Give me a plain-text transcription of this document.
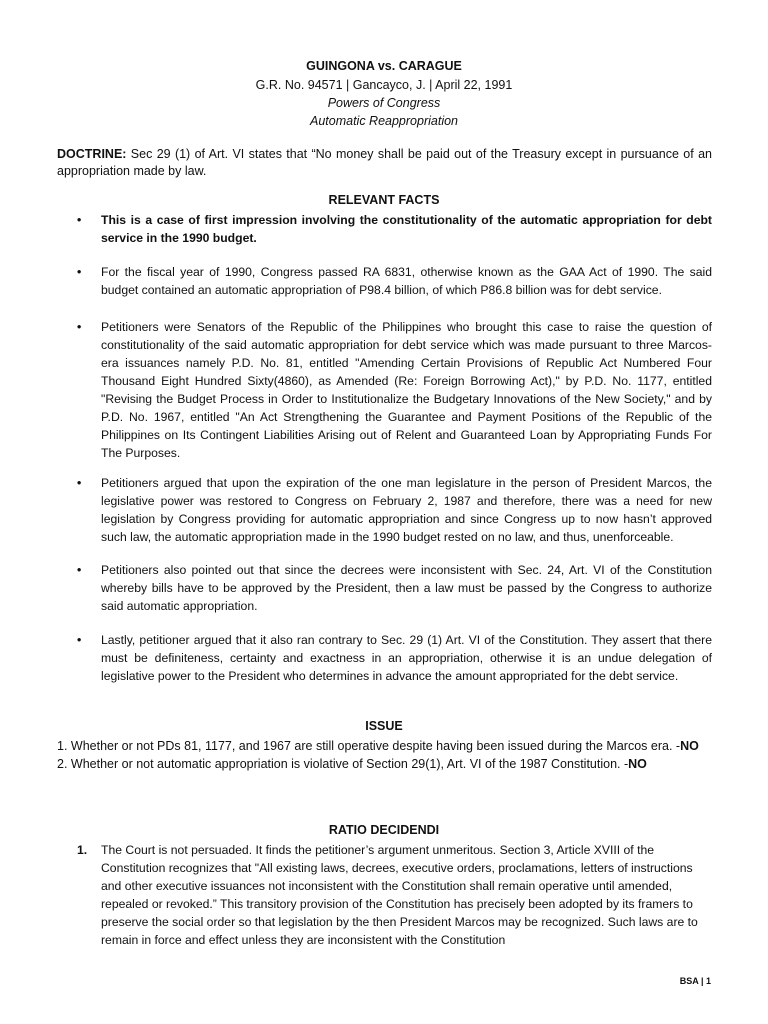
GUINGONA vs. CARAGUE
G.R. No. 94571 | Gancayco, J. | April 22, 1991
Powers of Congress
Automatic Reappropriation
DOCTRINE: Sec 29 (1) of Art. VI states that “No money shall be paid out of the Treasury except in pursuance of an appropriation made by law.
RELEVANT FACTS
• This is a case of first impression involving the constitutionality of the automatic appropriation for debt service in the 1990 budget.
• For the fiscal year of 1990, Congress passed RA 6831, otherwise known as the GAA Act of 1990. The said budget contained an automatic appropriation of P98.4 billion, of which P86.8 billion was for debt service.
• Petitioners were Senators of the Republic of the Philippines who brought this case to raise the question of constitutionality of the said automatic appropriation for debt service which was made pursuant to three Marcos-era issuances namely P.D. No. 81, entitled "Amending Certain Provisions of Republic Act Numbered Four Thousand Eight Hundred Sixty(4860), as Amended (Re: Foreign Borrowing Act)," by P.D. No. 1177, entitled "Revising the Budget Process in Order to Institutionalize the Budgetary Innovations of the New Society," and by P.D. No. 1967, entitled "An Act Strengthening the Guarantee and Payment Positions of the Republic of the Philippines on Its Contingent Liabilities Arising out of Relent and Guaranteed Loan by Appropriating Funds For The Purposes.
• Petitioners argued that upon the expiration of the one man legislature in the person of President Marcos, the legislative power was restored to Congress on February 2, 1987 and therefore, there was a need for new legislation by Congress providing for automatic appropriation and since Congress up to now hasn’t approved such law, the automatic appropriation made in the 1990 budget rested on no law, and thus, unenforceable.
• Petitioners also pointed out that since the decrees were inconsistent with Sec. 24, Art. VI of the Constitution whereby bills have to be approved by the President, then a law must be passed by the Congress to authorize said automatic appropriation.
• Lastly, petitioner argued that it also ran contrary to Sec. 29 (1) Art. VI of the Constitution. They assert that there must be definiteness, certainty and exactness in an appropriation, otherwise it is an undue delegation of legislative power to the President who determines in advance the amount appropriated for the debt service.
ISSUE
1. Whether or not PDs 81, 1177, and 1967 are still operative despite having been issued during the Marcos era. -NO
2. Whether or not automatic appropriation is violative of Section 29(1), Art. VI of the 1987 Constitution. -NO
RATIO DECIDENDI
1. The Court is not persuaded. It finds the petitioner’s argument unmeritous. Section 3, Article XVIII of the Constitution recognizes that "All existing laws, decrees, executive orders, proclamations, letters of instructions and other executive issuances not inconsistent with the Constitution shall remain operative until amended, repealed or revoked.” This transitory provision of the Constitution has precisely been adopted by its framers to preserve the social order so that legislation by the then President Marcos may be recognized. Such laws are to remain in force and effect unless they are inconsistent with the Constitution
BSA | 1
